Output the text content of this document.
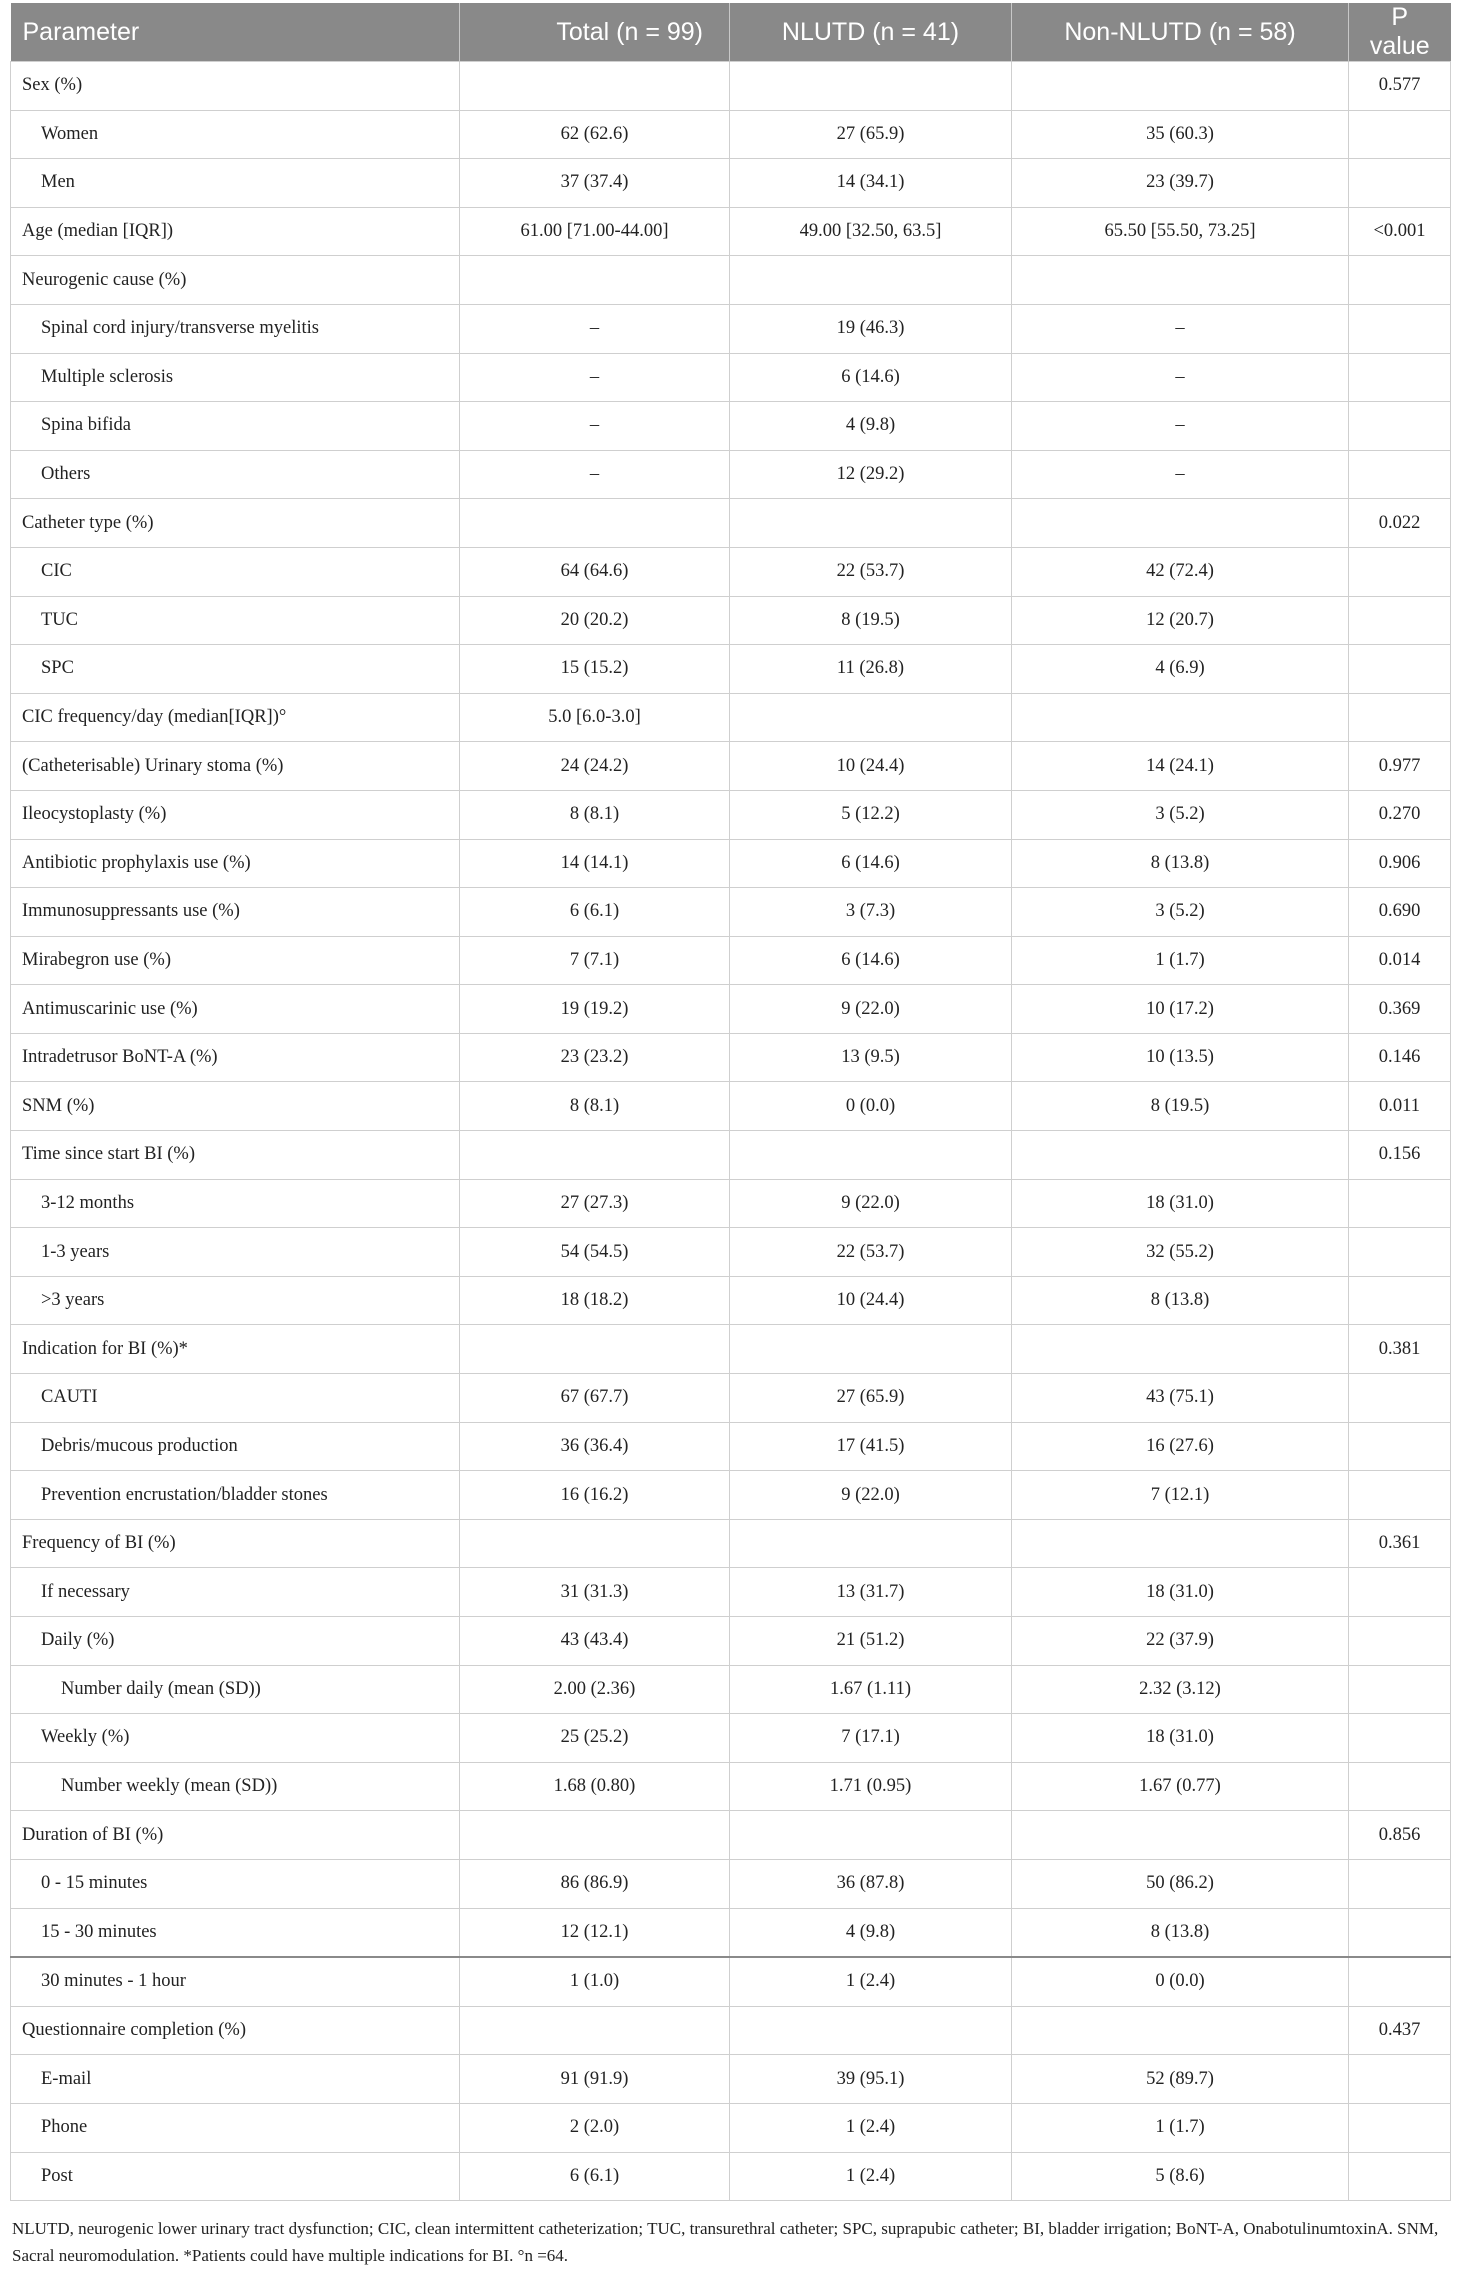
Parameter	Total (n = 99)	NLUTD (n = 41)	Non-NLUTD (n = 58)	P value
Sex (%)				0.577
Women	62 (62.6)	27 (65.9)	35 (60.3)	
Men	37 (37.4)	14 (34.1)	23 (39.7)	
Age (median [IQR])	61.00 [71.00-44.00]	49.00 [32.50, 63.5]	65.50 [55.50, 73.25]	<0.001
Neurogenic cause (%)				
Spinal cord injury/transverse myelitis	–	19 (46.3)	–	
Multiple sclerosis	–	6 (14.6)	–	
Spina bifida	–	4 (9.8)	–	
Others	–	12 (29.2)	–	
Catheter type (%)				0.022
CIC	64 (64.6)	22 (53.7)	42 (72.4)	
TUC	20 (20.2)	8 (19.5)	12 (20.7)	
SPC	15 (15.2)	11 (26.8)	4 (6.9)	
CIC frequency/day (median[IQR])°	5.0 [6.0-3.0]			
(Catheterisable) Urinary stoma (%)	24 (24.2)	10 (24.4)	14 (24.1)	0.977
Ileocystoplasty (%)	8 (8.1)	5 (12.2)	3 (5.2)	0.270
Antibiotic prophylaxis use (%)	14 (14.1)	6 (14.6)	8 (13.8)	0.906
Immunosuppressants use (%)	6 (6.1)	3 (7.3)	3 (5.2)	0.690
Mirabegron use (%)	7 (7.1)	6 (14.6)	1 (1.7)	0.014
Antimuscarinic use (%)	19 (19.2)	9 (22.0)	10 (17.2)	0.369
Intradetrusor BoNT-A (%)	23 (23.2)	13 (9.5)	10 (13.5)	0.146
SNM (%)	8 (8.1)	0 (0.0)	8 (19.5)	0.011
Time since start BI (%)				0.156
3-12 months	27 (27.3)	9 (22.0)	18 (31.0)	
1-3 years	54 (54.5)	22 (53.7)	32 (55.2)	
>3 years	18 (18.2)	10 (24.4)	8 (13.8)	
Indication for BI (%)*				0.381
CAUTI	67 (67.7)	27 (65.9)	43 (75.1)	
Debris/mucous production	36 (36.4)	17 (41.5)	16 (27.6)	
Prevention encrustation/bladder stones	16 (16.2)	9 (22.0)	7 (12.1)	
Frequency of BI (%)				0.361
If necessary	31 (31.3)	13 (31.7)	18 (31.0)	
Daily (%)	43 (43.4)	21 (51.2)	22 (37.9)	
Number daily (mean (SD))	2.00 (2.36)	1.67 (1.11)	2.32 (3.12)	
Weekly (%)	25 (25.2)	7 (17.1)	18 (31.0)	
Number weekly (mean (SD))	1.68 (0.80)	1.71 (0.95)	1.67 (0.77)	
Duration of BI (%)				0.856
0 - 15 minutes	86 (86.9)	36 (87.8)	50 (86.2)	
15 - 30 minutes	12 (12.1)	4 (9.8)	8 (13.8)	
30 minutes - 1 hour	1 (1.0)	1 (2.4)	0 (0.0)	
Questionnaire completion (%)				0.437
E-mail	91 (91.9)	39 (95.1)	52 (89.7)	
Phone	2 (2.0)	1 (2.4)	1 (1.7)	
Post	6 (6.1)	1 (2.4)	5 (8.6)	
NLUTD, neurogenic lower urinary tract dysfunction; CIC, clean intermittent catheterization; TUC, transurethral catheter; SPC, suprapubic catheter; BI, bladder irrigation; BoNT-A, OnabotulinumtoxinA. SNM, Sacral neuromodulation. *Patients could have multiple indications for BI. °n =64.
